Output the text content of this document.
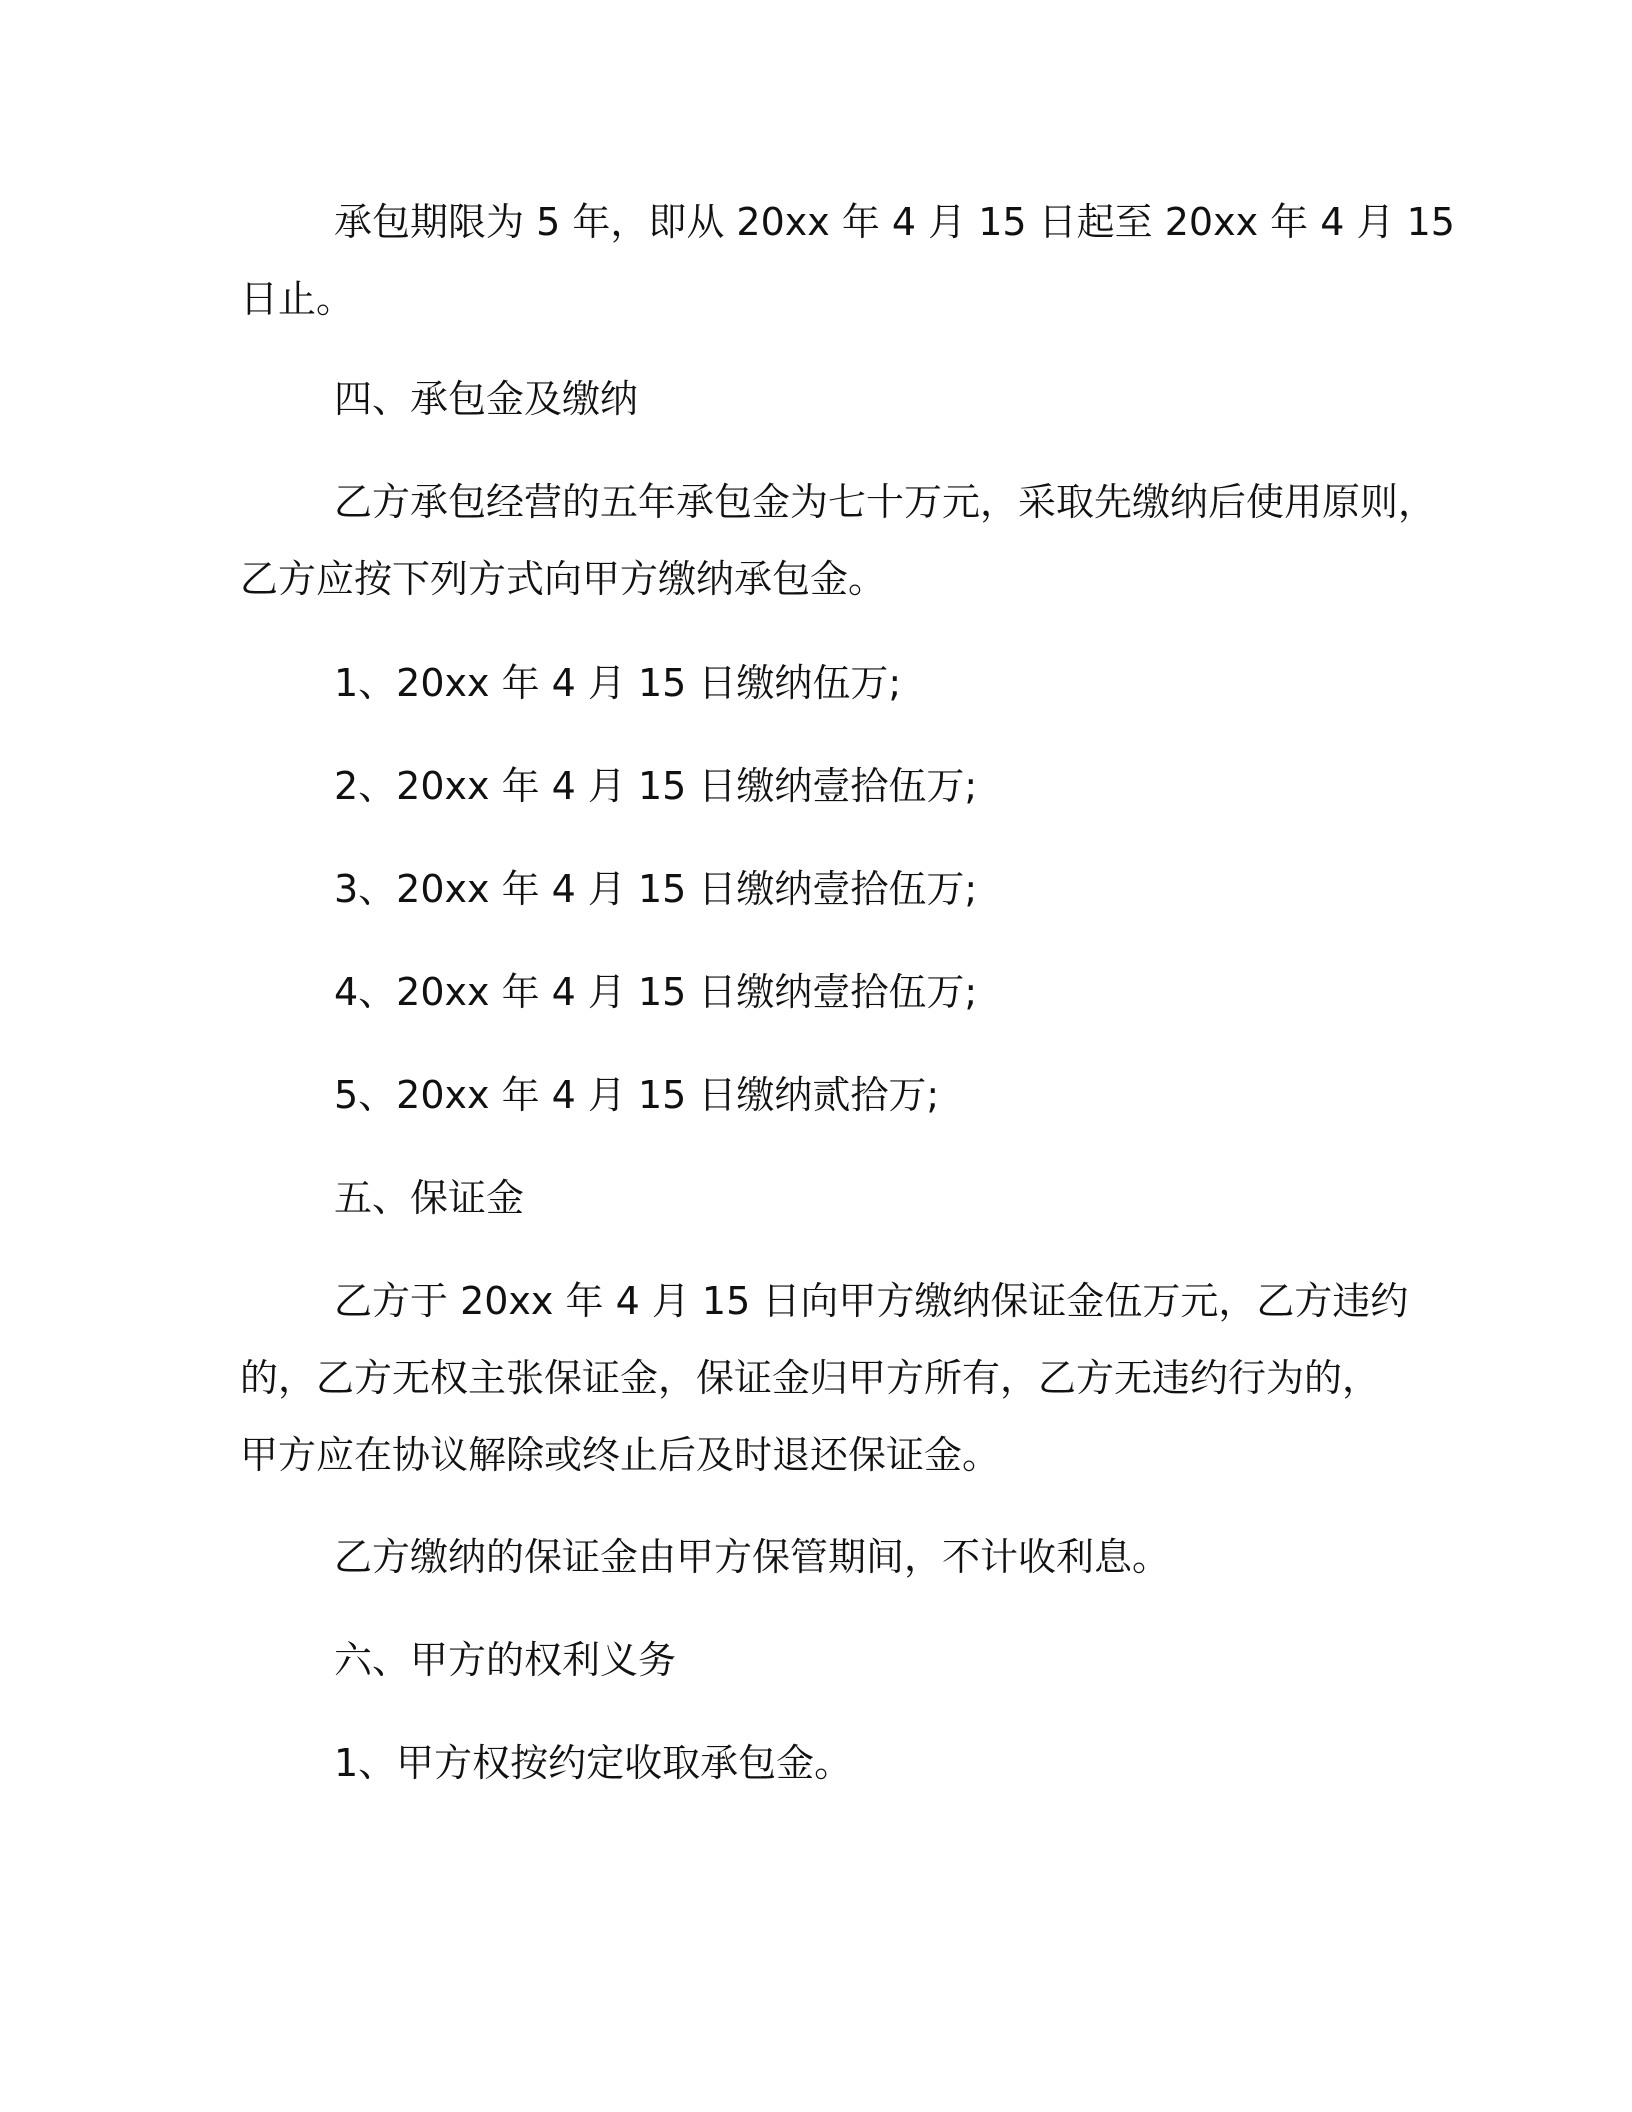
承包期限为 5 年，即从 20xx 年 4 月 15 日起至 20xx 年 4 月 15
日止。

四、承包金及缴纳

乙方承包经营的五年承包金为七十万元，采取先缴纳后使用原则，
乙方应按下列方式向甲方缴纳承包金。

1、20xx 年 4 月 15 日缴纳伍万;

2、20xx 年 4 月 15 日缴纳壹拾伍万;

3、20xx 年 4 月 15 日缴纳壹拾伍万;

4、20xx 年 4 月 15 日缴纳壹拾伍万;

5、20xx 年 4 月 15 日缴纳贰拾万;

五、保证金

乙方于 20xx 年 4 月 15 日向甲方缴纳保证金伍万元，乙方违约
的，乙方无权主张保证金，保证金归甲方所有，乙方无违约行为的，
甲方应在协议解除或终止后及时退还保证金。

乙方缴纳的保证金由甲方保管期间，不计收利息。

六、甲方的权利义务

1、甲方权按约定收取承包金。
